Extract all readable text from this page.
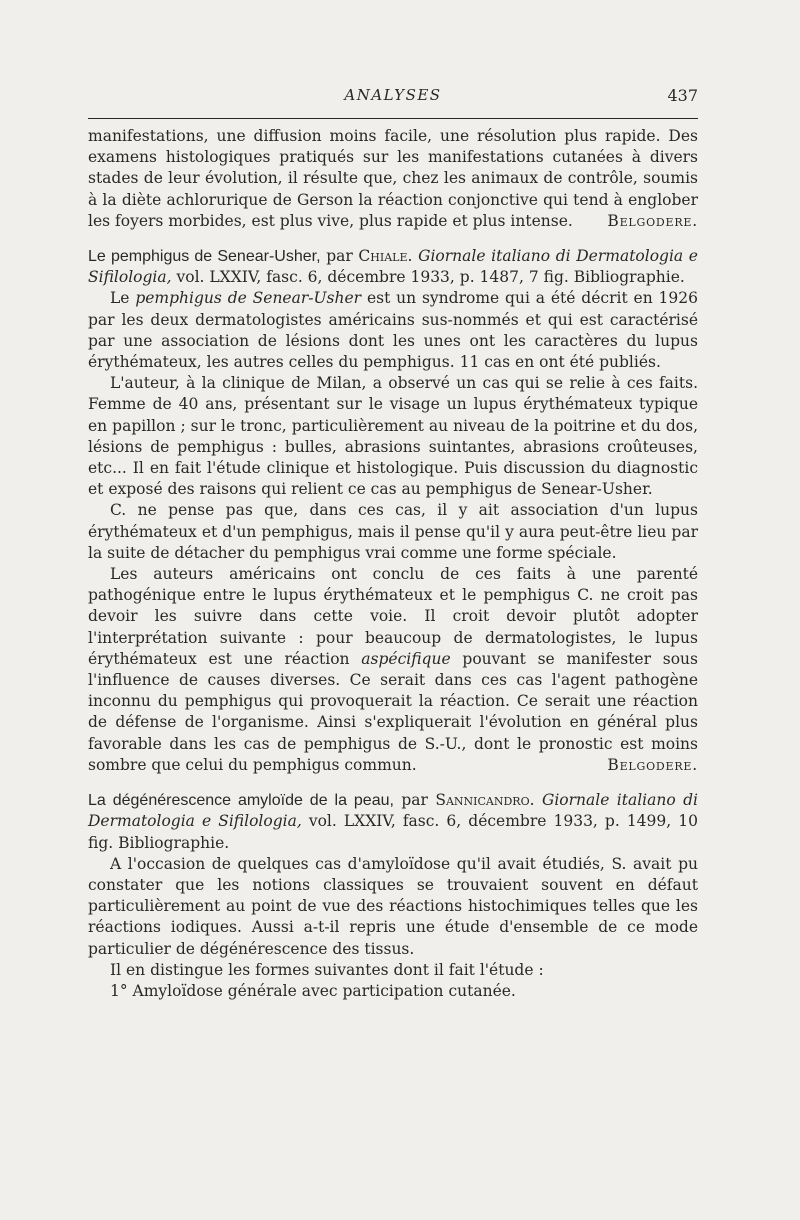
ANALYSES	437

manifestations, une diffusion moins facile, une résolution plus rapide. Des examens histologiques pratiqués sur les manifestations cutanées à divers stades de leur évolution, il résulte que, chez les animaux de contrôle, soumis à la diète achlorurique de Gerson la réaction conjonctive qui tend à englober les foyers morbides, est plus vive, plus rapide et plus intense. Belgodere.

Le pemphigus de Senear-Usher, par Chiale. Giornale italiano di Dermatologia e Sifilologia, vol. LXXIV, fasc. 6, décembre 1933, p. 1487, 7 fig. Bibliographie.

Le pemphigus de Senear-Usher est un syndrome qui a été décrit en 1926 par les deux dermatologistes américains sus-nommés et qui est caractérisé par une association de lésions dont les unes ont les caractères du lupus érythémateux, les autres celles du pemphigus. 11 cas en ont été publiés.

L'auteur, à la clinique de Milan, a observé un cas qui se relie à ces faits. Femme de 40 ans, présentant sur le visage un lupus érythémateux typique en papillon ; sur le tronc, particulièrement au niveau de la poitrine et du dos, lésions de pemphigus : bulles, abrasions suintantes, abrasions croûteuses, etc... Il en fait l'étude clinique et histologique. Puis discussion du diagnostic et exposé des raisons qui relient ce cas au pemphigus de Senear-Usher.

C. ne pense pas que, dans ces cas, il y ait association d'un lupus érythémateux et d'un pemphigus, mais il pense qu'il y aura peut-être lieu par la suite de détacher du pemphigus vrai comme une forme spéciale.

Les auteurs américains ont conclu de ces faits à une parenté pathogénique entre le lupus érythémateux et le pemphigus C. ne croit pas devoir les suivre dans cette voie. Il croit devoir plutôt adopter l'interprétation suivante : pour beaucoup de dermatologistes, le lupus érythémateux est une réaction aspécifique pouvant se manifester sous l'influence de causes diverses. Ce serait dans ces cas l'agent pathogène inconnu du pemphigus qui provoquerait la réaction. Ce serait une réaction de défense de l'organisme. Ainsi s'expliquerait l'évolution en général plus favorable dans les cas de pemphigus de S.-U., dont le pronostic est moins sombre que celui du pemphigus commun.	Belgodere.

La dégénérescence amyloïde de la peau, par Sannicandro. Giornale italiano di Dermatologia e Sifilologia, vol. LXXIV, fasc. 6, décembre 1933, p. 1499, 10 fig. Bibliographie.

A l'occasion de quelques cas d'amyloïdose qu'il avait étudiés, S. avait pu constater que les notions classiques se trouvaient souvent en défaut particulièrement au point de vue des réactions histochimiques telles que les réactions iodiques. Aussi a-t-il repris une étude d'ensemble de ce mode particulier de dégénérescence des tissus.

Il en distingue les formes suivantes dont il fait l'étude :

1° Amyloïdose générale avec participation cutanée.
